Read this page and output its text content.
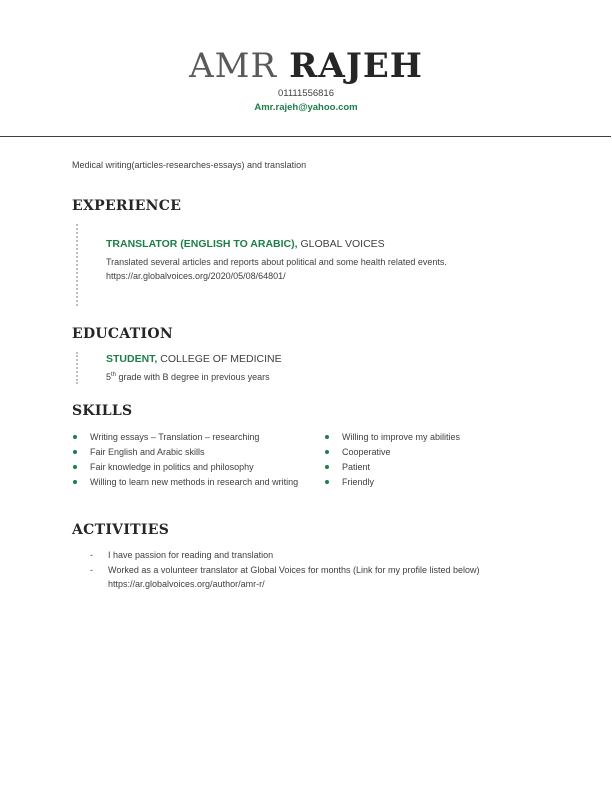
AMR RAJEH
01111556816
Amr.rajeh@yahoo.com
Medical writing(articles-researches-essays) and translation
EXPERIENCE
TRANSLATOR (ENGLISH TO ARABIC), GLOBAL VOICES
Translated several articles and reports about political and some health related events.
https://ar.globalvoices.org/2020/05/08/64801/
EDUCATION
STUDENT, COLLEGE OF MEDICINE
5th grade with B degree in previous years
SKILLS
Writing essays – Translation – researching
Fair English and Arabic skills
Fair knowledge in politics and philosophy
Willing to learn new methods in research and writing
Willing to improve my abilities
Cooperative
Patient
Friendly
ACTIVITIES
- I have passion for reading and translation
- Worked as a volunteer translator at Global Voices for months (Link for my profile listed below) https://ar.globalvoices.org/author/amr-r/
